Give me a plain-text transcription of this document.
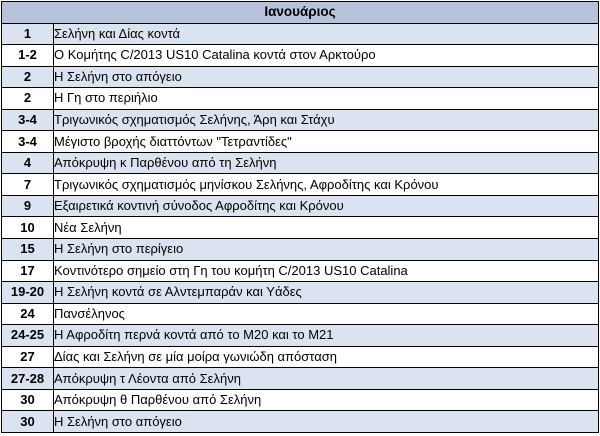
Ιανουάριος	
1	Σελήνη και Δίας κοντά
1-2	Ο Κομήτης C/2013 US10 Catalina κοντά στον Αρκτούρο
2	Η Σελήνη στο απόγειο
2	Η Γη στο περιήλιο
3-4	Τριγωνικός σχηματισμός Σελήνης, Άρη και Στάχυ
3-4	Μέγιστο βροχής διαττόντων "Τετραντίδες"
4	Απόκρυψη κ Παρθένου από τη Σελήνη
7	Τριγωνικός σχηματισμός μηνίσκου Σελήνης, Αφροδίτης και Κρόνου
9	Εξαιρετικά κοντινή σύνοδος Αφροδίτης και Κρόνου
10	Νέα Σελήνη
15	Η Σελήνη στο περίγειο
17	Κοντινότερο σημείο στη Γη του κομήτη C/2013 US10 Catalina
19-20	Η Σελήνη κοντά σε Αλντεμπαράν και Υάδες
24	Πανσέληνος
24-25	Η Αφροδίτη περνά κοντά από το Μ20 και το Μ21
27	Δίας και Σελήνη σε μία μοίρα γωνιώδη απόσταση
27-28	Απόκρυψη τ Λέοντα από Σελήνη
30	Απόκρυψη θ Παρθένου από Σελήνη
30	Η Σελήνη στο απόγειο
